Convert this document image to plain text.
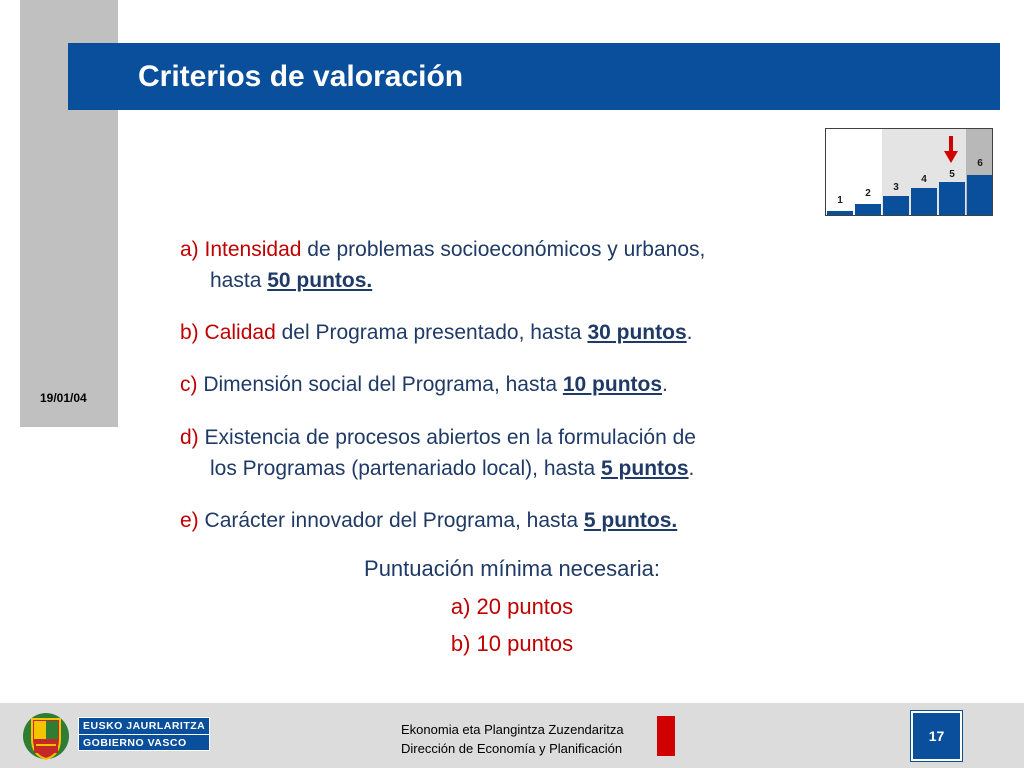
19/01/04
Criterios de valoración
1
2
3
4	5
6
a) Intensidad de problemas socioeconómicos y urbanos,
hasta 50 puntos.
b) Calidad del Programa presentado, hasta 30 puntos.
c) Dimensión social del Programa, hasta 10 puntos.
d) Existencia de procesos abiertos en la formulación de
los Programas (partenariado local), hasta 5 puntos.
e) Carácter innovador del Programa, hasta 5 puntos.
Puntuación mínima necesaria:
a) 20 puntos
b) 10 puntos
EUSKO JAURLARITZA
GOBIERNO VASCO
Ekonomia eta Plangintza Zuzendaritza
Dirección de Economía y Planificación
17
